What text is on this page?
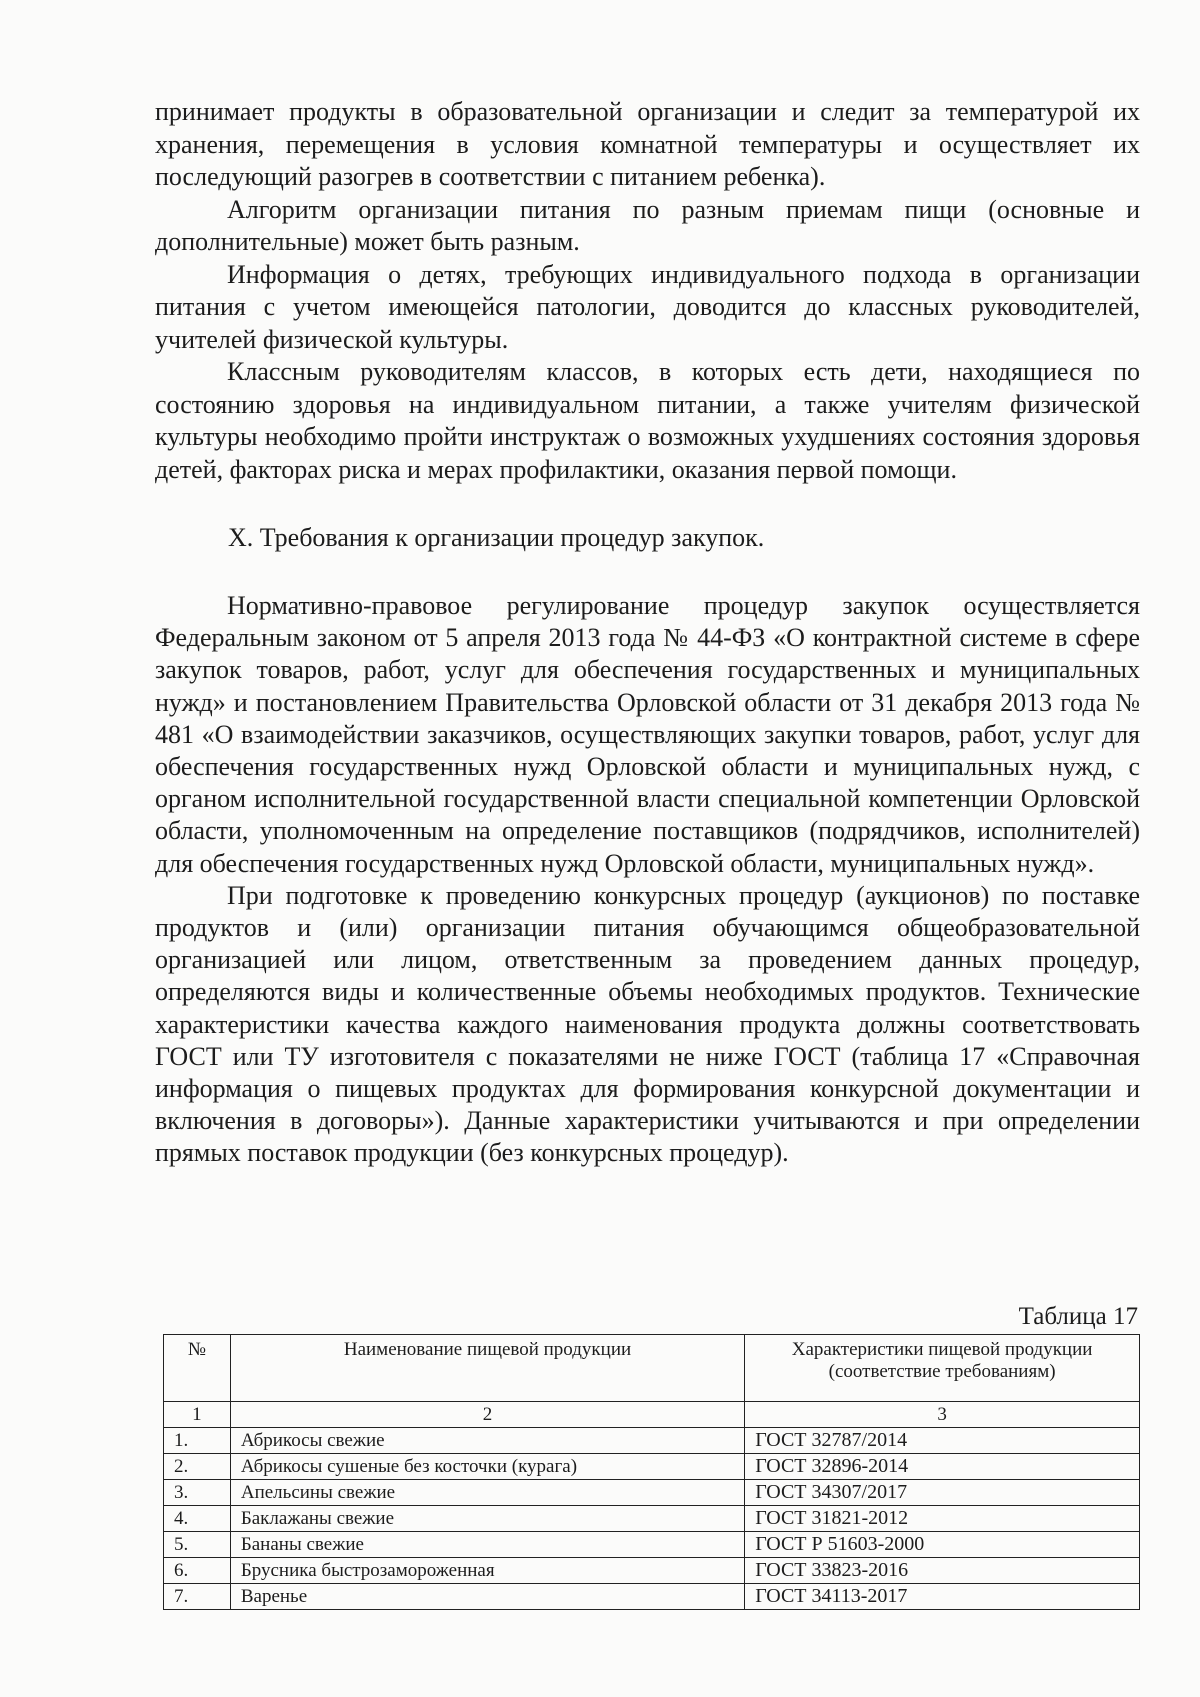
принимает продукты в образовательной организации и следит за температурой их хранения, перемещения в условия комнатной температуры и осуществляет их последующий разогрев в соответствии с питанием ребенка).

Алгоритм организации питания по разным приемам пищи (основные и дополнительные) может быть разным.

Информация о детях, требующих индивидуального подхода в организации питания с учетом имеющейся патологии, доводится до классных руководителей, учителей физической культуры.

Классным руководителям классов, в которых есть дети, находящиеся по состоянию здоровья на индивидуальном питании, а также учителям физической культуры необходимо пройти инструктаж о возможных ухудшениях состояния здоровья детей, факторах риска и мерах профилактики, оказания первой помощи.

X. Требования к организации процедур закупок.

Нормативно-правовое регулирование процедур закупок осуществляется Федеральным законом от 5 апреля 2013 года № 44-ФЗ «О контрактной системе в сфере закупок товаров, работ, услуг для обеспечения государственных и муниципальных нужд» и постановлением Правительства Орловской области от 31 декабря 2013 года № 481 «О взаимодействии заказчиков, осуществляющих закупки товаров, работ, услуг для обеспечения государственных нужд Орловской области и муниципальных нужд, с органом исполнительной государственной власти специальной компетенции Орловской области, уполномоченным на определение поставщиков (подрядчиков, исполнителей) для обеспечения государственных нужд Орловской области, муниципальных нужд».

При подготовке к проведению конкурсных процедур (аукционов) по поставке продуктов и (или) организации питания обучающимся общеобразовательной организацией или лицом, ответственным за проведением данных процедур, определяются виды и количественные объемы необходимых продуктов. Технические характеристики качества каждого наименования продукта должны соответствовать ГОСТ или ТУ изготовителя с показателями не ниже ГОСТ (таблица 17 «Справочная информация о пищевых продуктах для формирования конкурсной документации и включения в договоры»). Данные характеристики учитываются и при определении прямых поставок продукции (без конкурсных процедур).

Таблица 17
№	Наименование пищевой продукции	Характеристики пищевой продукции (соответствие требованиям)
1	2	3
1.	Абрикосы свежие	ГОСТ 32787/2014
2.	Абрикосы сушеные без косточки (курага)	ГОСТ 32896-2014
3.	Апельсины свежие	ГОСТ 34307/2017
4.	Баклажаны свежие	ГОСТ 31821-2012
5.	Бананы свежие	ГОСТ Р 51603-2000
6.	Брусника быстрозамороженная	ГОСТ 33823-2016
7.	Варенье	ГОСТ 34113-2017
